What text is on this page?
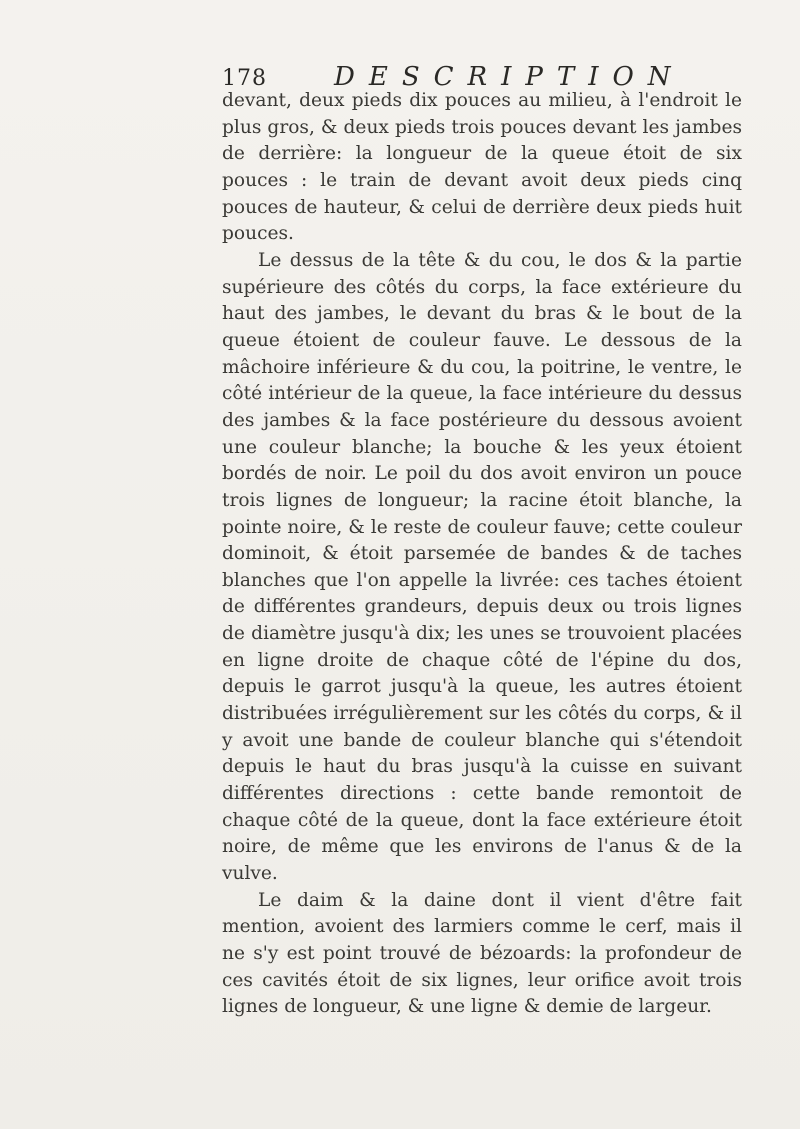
178	DESCRIPTION

devant, deux pieds dix pouces au milieu, à l'endroit le plus gros, & deux pieds trois pouces devant les jambes de derrière: la longueur de la queue étoit de six pouces : le train de devant avoit deux pieds cinq pouces de hauteur, & celui de derrière deux pieds huit pouces.

Le dessus de la tête & du cou, le dos & la partie supérieure des côtés du corps, la face extérieure du haut des jambes, le devant du bras & le bout de la queue étoient de couleur fauve. Le dessous de la mâchoire inférieure & du cou, la poitrine, le ventre, le côté intérieur de la queue, la face intérieure du dessus des jambes & la face postérieure du dessous avoient une couleur blanche; la bouche & les yeux étoient bordés de noir. Le poil du dos avoit environ un pouce trois lignes de longueur; la racine étoit blanche, la pointe noire, & le reste de couleur fauve; cette couleur dominoit, & étoit parsemée de bandes & de taches blanches que l'on appelle la livrée: ces taches étoient de différentes grandeurs, depuis deux ou trois lignes de diamètre jusqu'à dix; les unes se trouvoient placées en ligne droite de chaque côté de l'épine du dos, depuis le garrot jusqu'à la queue, les autres étoient distribuées irrégulièrement sur les côtés du corps, & il y avoit une bande de couleur blanche qui s'étendoit depuis le haut du bras jusqu'à la cuisse en suivant différentes directions : cette bande remontoit de chaque côté de la queue, dont la face extérieure étoit noire, de même que les environs de l'anus & de la vulve.

Le daim & la daine dont il vient d'être fait mention, avoient des larmiers comme le cerf, mais il ne s'y est point trouvé de bézoards: la profondeur de ces cavités étoit de six lignes, leur orifice avoit trois lignes de longueur, & une ligne & demie de largeur.
